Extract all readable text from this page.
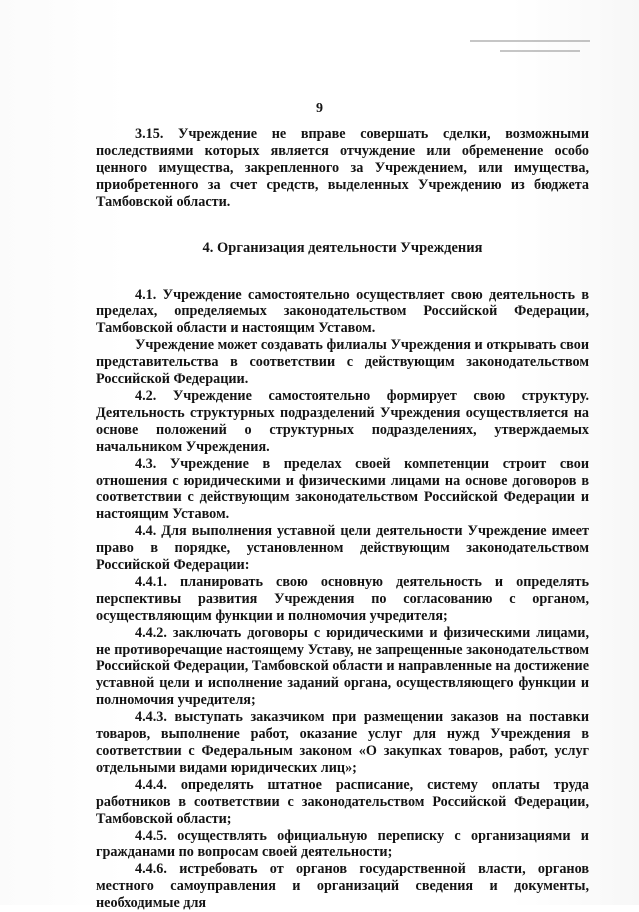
9

3.15. Учреждение не вправе совершать сделки, возможными последствиями которых является отчуждение или обременение особо ценного имущества, закрепленного за Учреждением, или имущества, приобретенного за счет средств, выделенных Учреждению из бюджета Тамбовской области.

4. Организация деятельности Учреждения

4.1. Учреждение самостоятельно осуществляет свою деятельность в пределах, определяемых законодательством Российской Федерации, Тамбовской области и настоящим Уставом.

Учреждение может создавать филиалы Учреждения и открывать свои представительства в соответствии с действующим законодательством Российской Федерации.

4.2. Учреждение самостоятельно формирует свою структуру. Деятельность структурных подразделений Учреждения осуществляется на основе положений о структурных подразделениях, утверждаемых начальником Учреждения.

4.3. Учреждение в пределах своей компетенции строит свои отношения с юридическими и физическими лицами на основе договоров в соответствии с действующим законодательством Российской Федерации и настоящим Уставом.

4.4. Для выполнения уставной цели деятельности Учреждение имеет право в порядке, установленном действующим законодательством Российской Федерации:

4.4.1. планировать свою основную деятельность и определять перспективы развития Учреждения по согласованию с органом, осуществляющим функции и полномочия учредителя;

4.4.2. заключать договоры с юридическими и физическими лицами, не противоречащие настоящему Уставу, не запрещенные законодательством Российской Федерации, Тамбовской области и направленные на достижение уставной цели и исполнение заданий органа, осуществляющего функции и полномочия учредителя;

4.4.3. выступать заказчиком при размещении заказов на поставки товаров, выполнение работ, оказание услуг для нужд Учреждения в соответствии с Федеральным законом «О закупках товаров, работ, услуг отдельными видами юридических лиц»;

4.4.4. определять штатное расписание, систему оплаты труда работников в соответствии с законодательством Российской Федерации, Тамбовской области;

4.4.5. осуществлять официальную переписку с организациями и гражданами по вопросам своей деятельности;

4.4.6. истребовать от органов государственной власти, органов местного самоуправления и организаций сведения и документы, необходимые для
